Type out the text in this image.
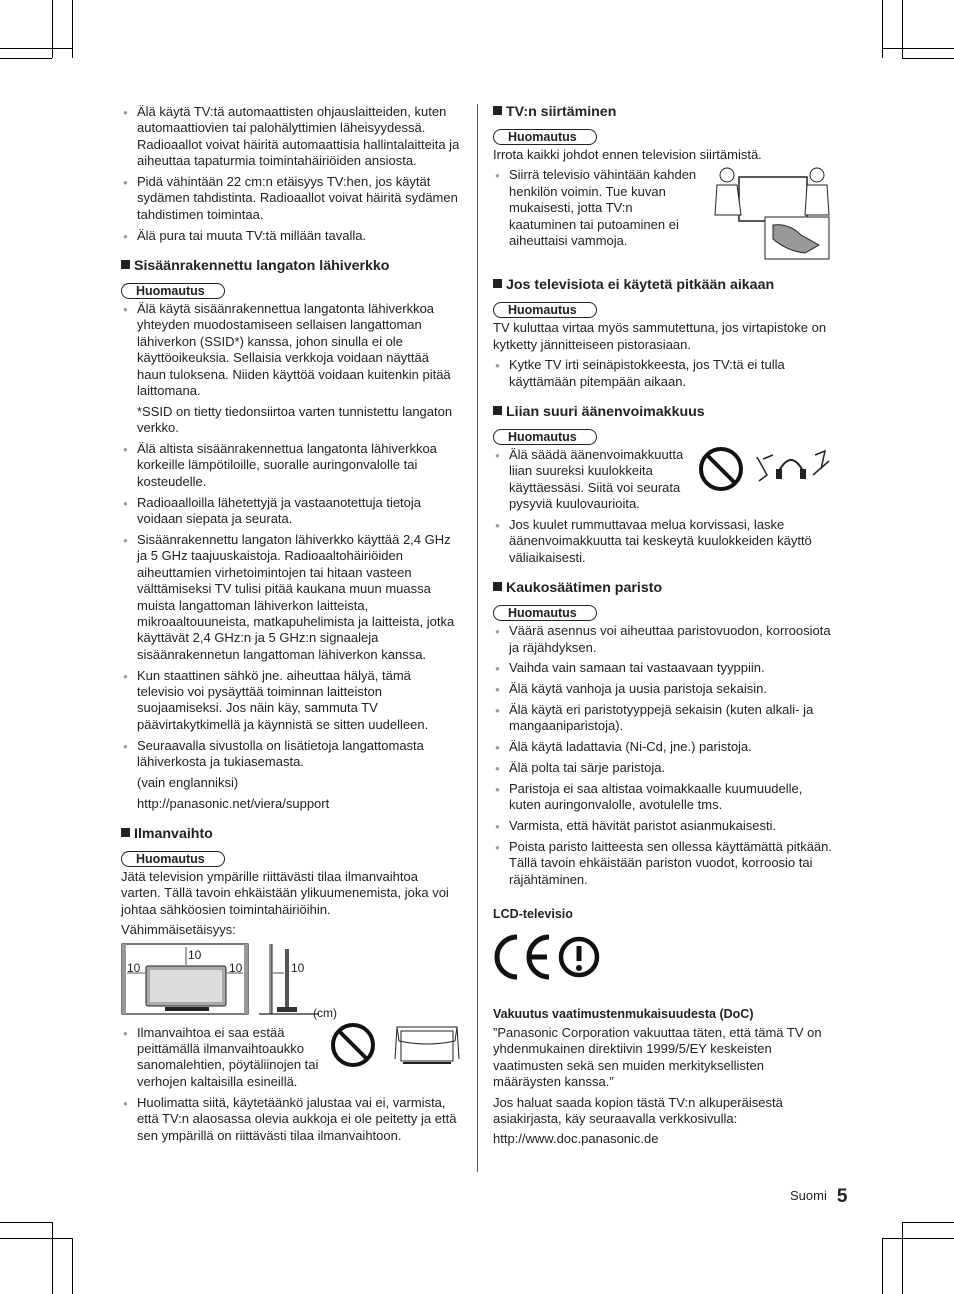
● Älä käytä TV:tä automaattisten ohjauslaitteiden, kuten automaattiovien tai palohälyttimien läheisyydessä. Radioaallot voivat häiritä automaattisia hallintalaitteita ja aiheuttaa tapaturmia toimintahäiriöiden ansiosta.
● Pidä vähintään 22 cm:n etäisyys TV:hen, jos käytät sydämen tahdistinta. Radioaallot voivat häiritä sydämen tahdistimen toimintaa.
● Älä pura tai muuta TV:tä millään tavalla.
Sisäänrakennettu langaton lähiverkko
Huomautus
● Älä käytä sisäänrakennettua langatonta lähiverkkoa yhteyden muodostamiseen sellaisen langattoman lähiverkon (SSID*) kanssa, johon sinulla ei ole käyttöoikeuksia. Sellaisia verkkoja voidaan näyttää haun tuloksena. Niiden käyttöä voidaan kuitenkin pitää laittomana.

*SSID on tietty tiedonsiirtoa varten tunnistettu langaton verkko.

● Älä altista sisäänrakennettua langatonta lähiverkkoa korkeille lämpötiloille, suoralle auringonvalolle tai kosteudelle.
● Radioaalloilla lähetettyjä ja vastaanotettuja tietoja voidaan siepata ja seurata.
● Sisäänrakennettu langaton lähiverkko käyttää 2,4 GHz ja 5 GHz taajuuskaistoja. Radioaaltohäiriöiden aiheuttamien virhetoimintojen tai hitaan vasteen välttämiseksi TV tulisi pitää kaukana muun muassa muista langattoman lähiverkon laitteista, mikroaaltouuneista, matkapuhelimista ja laitteista, jotka käyttävät 2,4 GHz:n ja 5 GHz:n signaaleja sisäänrakennetun langattoman lähiverkon kanssa.
● Kun staattinen sähkö jne. aiheuttaa hälyä, tämä televisio voi pysäyttää toiminnan laitteiston suojaamiseksi. Jos näin käy, sammuta TV päävirtakytkimellä ja käynnistä se sitten uudelleen.
● Seuraavalla sivustolla on lisätietoja langattomasta lähiverkosta ja tukiasemasta.

(vain englanniksi)

http://panasonic.net/viera/support

Ilmanvaihto
Huomautus

Jätä television ympärille riittävästi tilaa ilmanvaihtoa varten. Tällä tavoin ehkäistään ylikuumenemista, joka voi johtaa sähköosien toimintahäiriöihin.

Vähimmäisetäisyys:

10
10	10	10
(cm)
● Ilmanvaihtoa ei saa estää peittämällä ilmanvaihtoaukko sanomalehtien, pöytäliinojen tai verhojen kaltaisilla esineillä.
● Huolimatta siitä, käytetäänkö jalustaa vai ei, varmista, että TV:n alaosassa olevia aukkoja ei ole peitetty ja että sen ympärillä on riittävästi tilaa ilmanvaihtoon.
TV:n siirtäminen
Huomautus

Irrota kaikki johdot ennen television siirtämistä.

● Siirrä televisio vähintään kahden henkilön voimin. Tue kuvan mukaisesti, jotta TV:n kaatuminen tai putoaminen ei aiheuttaisi vammoja.
Jos televisiota ei käytetä pitkään aikaan
Huomautus

TV kuluttaa virtaa myös sammutettuna, jos virtapistoke on kytketty jännitteiseen pistorasiaan.

● Kytke TV irti seinäpistokkeesta, jos TV:tä ei tulla käyttämään pitempään aikaan.
Liian suuri äänenvoimakkuus
Huomautus
● Älä säädä äänenvoimakkuutta liian suureksi kuulokkeita käyttäessäsi. Siitä voi seurata pysyviä kuulovaurioita.
● Jos kuulet rummuttavaa melua korvissasi, laske äänenvoimakkuutta tai keskeytä kuulokkeiden käyttö väliaikaisesti.
Kaukosäätimen paristo
Huomautus
● Väärä asennus voi aiheuttaa paristovuodon, korroosiota ja räjähdyksen.
● Vaihda vain samaan tai vastaavaan tyyppiin.
● Älä käytä vanhoja ja uusia paristoja sekaisin.
● Älä käytä eri paristotyyppejä sekaisin (kuten alkali- ja mangaaniparistoja).
● Älä käytä ladattavia (Ni-Cd, jne.) paristoja.
● Älä polta tai särje paristoja.
● Paristoja ei saa altistaa voimakkaalle kuumuudelle, kuten auringonvalolle, avotulelle tms.
● Varmista, että hävität paristot asianmukaisesti.
● Poista paristo laitteesta sen ollessa käyttämättä pitkään. Tällä tavoin ehkäistään pariston vuodot, korroosio tai räjähtäminen.

LCD-televisio

Vakuutus vaatimustenmukaisuudesta (DoC)

”Panasonic Corporation vakuuttaa täten, että tämä TV on yhdenmukainen direktiivin 1999/5/EY keskeisten vaatimusten sekä sen muiden merkityksellisten määräysten kanssa.”

Jos haluat saada kopion tästä TV:n alkuperäisestä asiakirjasta, käy seuraavalla verkkosivulla:

http://www.doc.panasonic.de

Suomi 5
